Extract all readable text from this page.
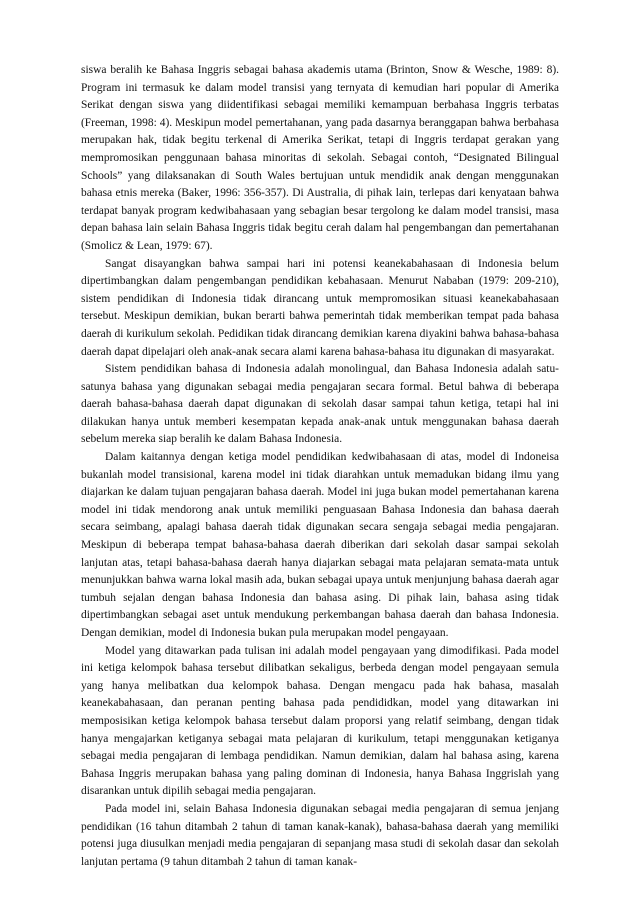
siswa beralih ke Bahasa Inggris sebagai bahasa akademis utama (Brinton, Snow & Wesche, 1989: 8). Program ini termasuk ke dalam model transisi yang ternyata di kemudian hari popular di Amerika Serikat dengan siswa yang diidentifikasi sebagai memiliki kemampuan berbahasa Inggris terbatas (Freeman, 1998: 4). Meskipun model pemertahanan, yang pada dasarnya beranggapan bahwa berbahasa merupakan hak, tidak begitu terkenal di Amerika Serikat, tetapi di Inggris terdapat gerakan yang mempromosikan penggunaan bahasa minoritas di sekolah. Sebagai contoh, “Designated Bilingual Schools” yang dilaksanakan di South Wales bertujuan untuk mendidik anak dengan menggunakan bahasa etnis mereka (Baker, 1996: 356-357). Di Australia, di pihak lain, terlepas dari kenyataan bahwa terdapat banyak program kedwibahasaan yang sebagian besar tergolong ke dalam model transisi, masa depan bahasa lain selain Bahasa Inggris tidak begitu cerah dalam hal pengembangan dan pemertahanan (Smolicz & Lean, 1979: 67).

Sangat disayangkan bahwa sampai hari ini potensi keanekabahasaan di Indonesia belum dipertimbangkan dalam pengembangan pendidikan kebahasaan. Menurut Nababan (1979: 209-210), sistem pendidikan di Indonesia tidak dirancang untuk mempromosikan situasi keanekabahasaan tersebut. Meskipun demikian, bukan berarti bahwa pemerintah tidak memberikan tempat pada bahasa daerah di kurikulum sekolah. Pedidikan tidak dirancang demikian karena diyakini bahwa bahasa-bahasa daerah dapat dipelajari oleh anak-anak secara alami karena bahasa-bahasa itu digunakan di masyarakat.

Sistem pendidikan bahasa di Indonesia adalah monolingual, dan Bahasa Indonesia adalah satu-satunya bahasa yang digunakan sebagai media pengajaran secara formal. Betul bahwa di beberapa daerah bahasa-bahasa daerah dapat digunakan di sekolah dasar sampai tahun ketiga, tetapi hal ini dilakukan hanya untuk memberi kesempatan kepada anak-anak untuk menggunakan bahasa daerah sebelum mereka siap beralih ke dalam Bahasa Indonesia.

Dalam kaitannya dengan ketiga model pendidikan kedwibahasaan di atas, model di Indoneisa bukanlah model transisional, karena model ini tidak diarahkan untuk memadukan bidang ilmu yang diajarkan ke dalam tujuan pengajaran bahasa daerah. Model ini juga bukan model pemertahanan karena model ini tidak mendorong anak untuk memiliki penguasaan Bahasa Indonesia dan bahasa daerah secara seimbang, apalagi bahasa daerah tidak digunakan secara sengaja sebagai media pengajaran. Meskipun di beberapa tempat bahasa-bahasa daerah diberikan dari sekolah dasar sampai sekolah lanjutan atas, tetapi bahasa-bahasa daerah hanya diajarkan sebagai mata pelajaran semata-mata untuk menunjukkan bahwa warna lokal masih ada, bukan sebagai upaya untuk menjunjung bahasa daerah agar tumbuh sejalan dengan bahasa Indonesia dan bahasa asing. Di pihak lain, bahasa asing tidak dipertimbangkan sebagai aset untuk mendukung perkembangan bahasa daerah dan bahasa Indonesia. Dengan demikian, model di Indonesia bukan pula merupakan model pengayaan.

Model yang ditawarkan pada tulisan ini adalah model pengayaan yang dimodifikasi. Pada model ini ketiga kelompok bahasa tersebut dilibatkan sekaligus, berbeda dengan model pengayaan semula yang hanya melibatkan dua kelompok bahasa. Dengan mengacu pada hak bahasa, masalah keanekabahasaan, dan peranan penting bahasa pada pendididkan, model yang ditawarkan ini memposisikan ketiga kelompok bahasa tersebut dalam proporsi yang relatif seimbang, dengan tidak hanya mengajarkan ketiganya sebagai mata pelajaran di kurikulum, tetapi menggunakan ketiganya sebagai media pengajaran di lembaga pendidikan. Namun demikian, dalam hal bahasa asing, karena Bahasa Inggris merupakan bahasa yang paling dominan di Indonesia, hanya Bahasa Inggrislah yang disarankan untuk dipilih sebagai media pengajaran.

Pada model ini, selain Bahasa Indonesia digunakan sebagai media pengajaran di semua jenjang pendidikan (16 tahun ditambah 2 tahun di taman kanak-kanak), bahasa-bahasa daerah yang memiliki potensi juga diusulkan menjadi media pengajaran di sepanjang masa studi di sekolah dasar dan sekolah lanjutan pertama (9 tahun ditambah 2 tahun di taman kanak-
